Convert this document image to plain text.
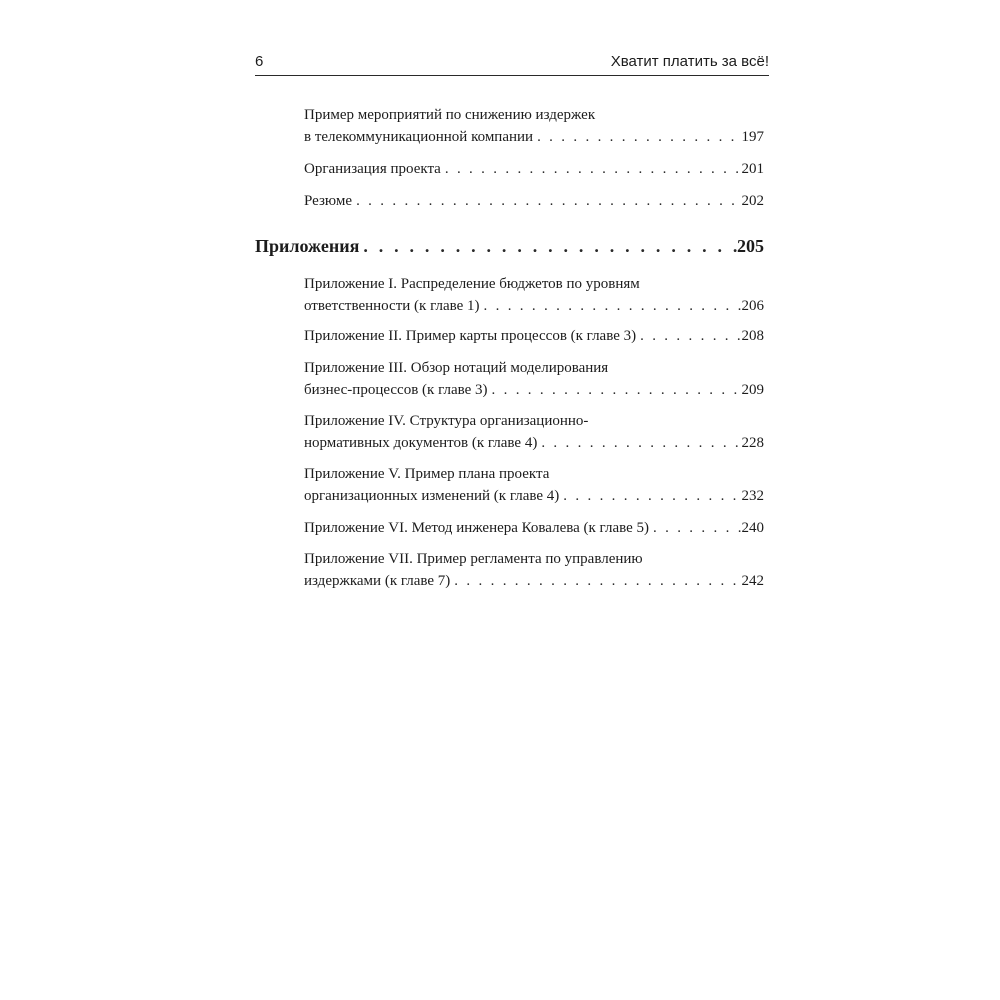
6	Хватит платить за всё!
Пример мероприятий по снижению издержек
в телекоммуникационной компании . . .	197
Организация проекта . . .	201
Резюме . . .	202
Приложения . . .	205
Приложение I. Распределение бюджетов по уровням
ответственности (к главе 1) . . .	206
Приложение II. Пример карты процессов (к главе 3) . . .	208
Приложение III. Обзор нотаций моделирования
бизнес-процессов (к главе 3) . . .	209
Приложение IV. Структура организационно-
нормативных документов (к главе 4) . . .	228
Приложение V. Пример плана проекта
организационных изменений (к главе 4) . . .	232
Приложение VI. Метод инженера Ковалева (к главе 5) . . .	240
Приложение VII. Пример регламента по управлению
издержками (к главе 7) . . .	242
